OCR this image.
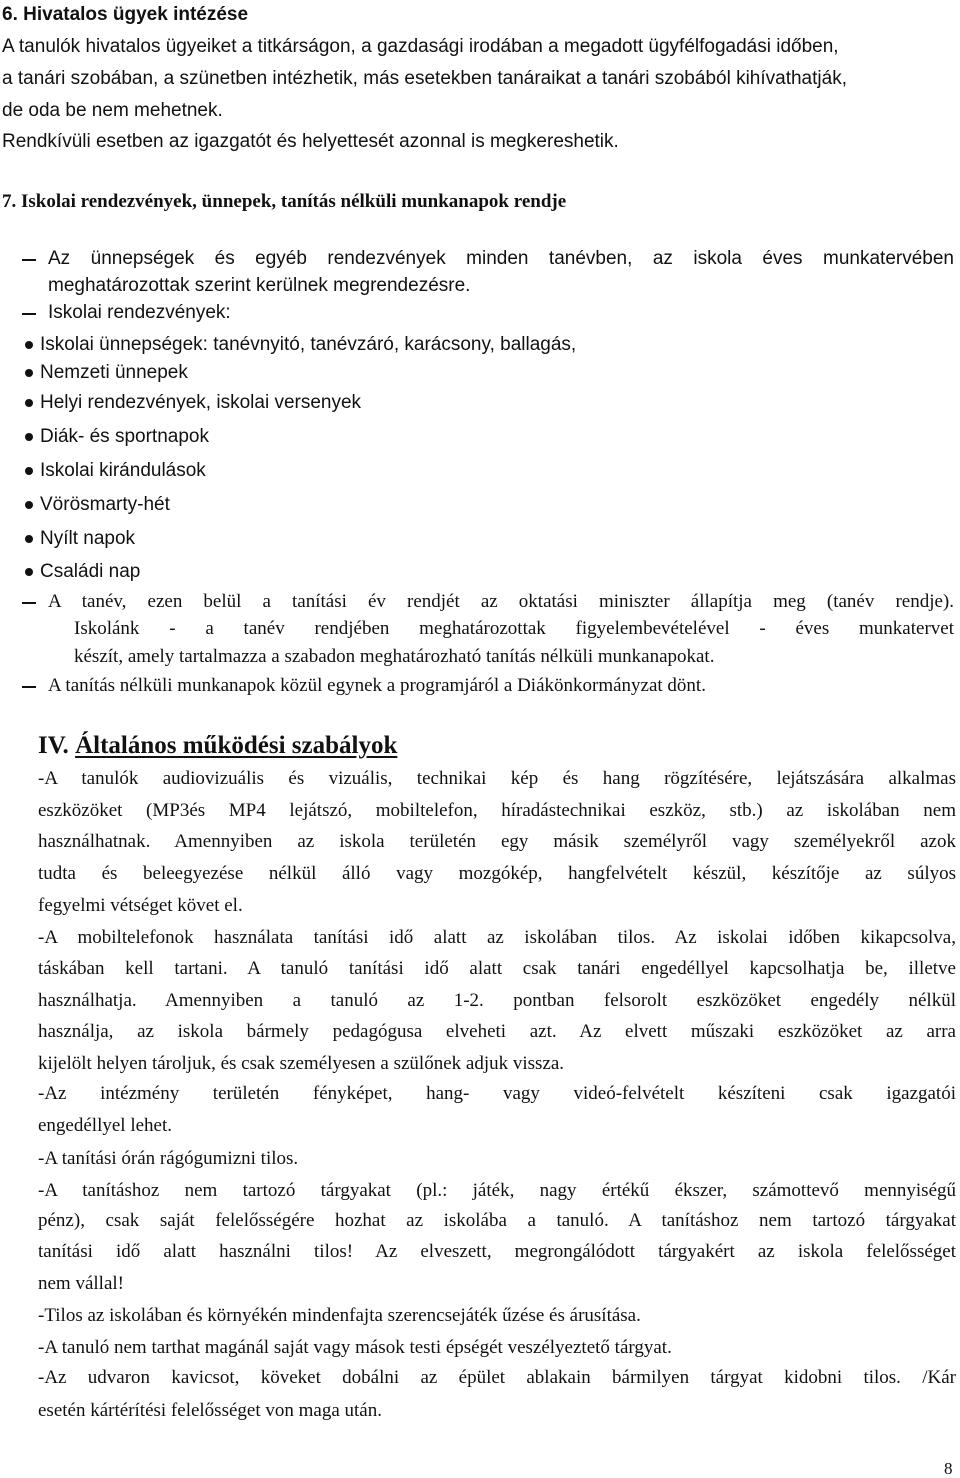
6. Hivatalos ügyek intézése
A tanulók hivatalos ügyeiket a titkárságon, a gazdasági irodában a megadott ügyfélfogadási időben,
a tanári szobában, a szünetben intézhetik, más esetekben tanáraikat a tanári szobából kihívathatják,
de oda be nem mehetnek.
Rendkívüli esetben az igazgatót és helyettesét azonnal is megkereshetik.
7. Iskolai rendezvények, ünnepek, tanítás nélküli munkanapok rendje
Az ünnepségek és egyéb rendezvények minden tanévben, az iskola éves munkatervében
meghatározottak szerint kerülnek megrendezésre.
Iskolai rendezvények:
Iskolai ünnepségek: tanévnyitó, tanévzáró, karácsony, ballagás,
Nemzeti ünnepek
Helyi rendezvények, iskolai versenyek
Diák- és sportnapok
Iskolai kirándulások
Vörösmarty-hét
Nyílt napok
Családi nap
A tanév, ezen belül a tanítási év rendjét az oktatási miniszter állapítja meg (tanév rendje).
Iskolánk - a tanév rendjében meghatározottak figyelembevételével - éves munkatervet
készít, amely tartalmazza a szabadon meghatározható tanítás nélküli munkanapokat.
A tanítás nélküli munkanapok közül egynek a programjáról a Diákönkormányzat dönt.
IV. Általános működési szabályok
-A tanulók audiovizuális és vizuális, technikai kép és hang rögzítésére, lejátszására alkalmas
eszközöket (MP3és MP4 lejátszó, mobiltelefon, híradástechnikai eszköz, stb.) az iskolában nem
használhatnak. Amennyiben az iskola területén egy másik személyről vagy személyekről azok
tudta és beleegyezése nélkül álló vagy mozgókép, hangfelvételt készül, készítője az súlyos
fegyelmi vétséget követ el.
-A mobiltelefonok használata tanítási idő alatt az iskolában tilos. Az iskolai időben kikapcsolva,
táskában kell tartani. A tanuló tanítási idő alatt csak tanári engedéllyel kapcsolhatja be, illetve
használhatja. Amennyiben a tanuló az 1-2. pontban felsorolt eszközöket engedély nélkül
használja, az iskola bármely pedagógusa elveheti azt. Az elvett műszaki eszközöket az arra
kijelölt helyen tároljuk, és csak személyesen a szülőnek adjuk vissza.
-Az intézmény területén fényképet, hang- vagy videó-felvételt készíteni csak igazgatói
engedéllyel lehet.
-A tanítási órán rágógumizni tilos.
-A tanításhoz nem tartozó tárgyakat (pl.: játék, nagy értékű ékszer, számottevő mennyiségű
pénz), csak saját felelősségére hozhat az iskolába a tanuló. A tanításhoz nem tartozó tárgyakat
tanítási idő alatt használni tilos! Az elveszett, megrongálódott tárgyakért az iskola felelősséget
nem vállal!
-Tilos az iskolában és környékén mindenfajta szerencsejáték űzése és árusítása.
-A tanuló nem tarthat magánál saját vagy mások testi épségét veszélyeztető tárgyat.
-Az udvaron kavicsot, köveket dobálni az épület ablakain bármilyen tárgyat kidobni tilos. /Kár
esetén kártérítési felelősséget von maga után.
8
